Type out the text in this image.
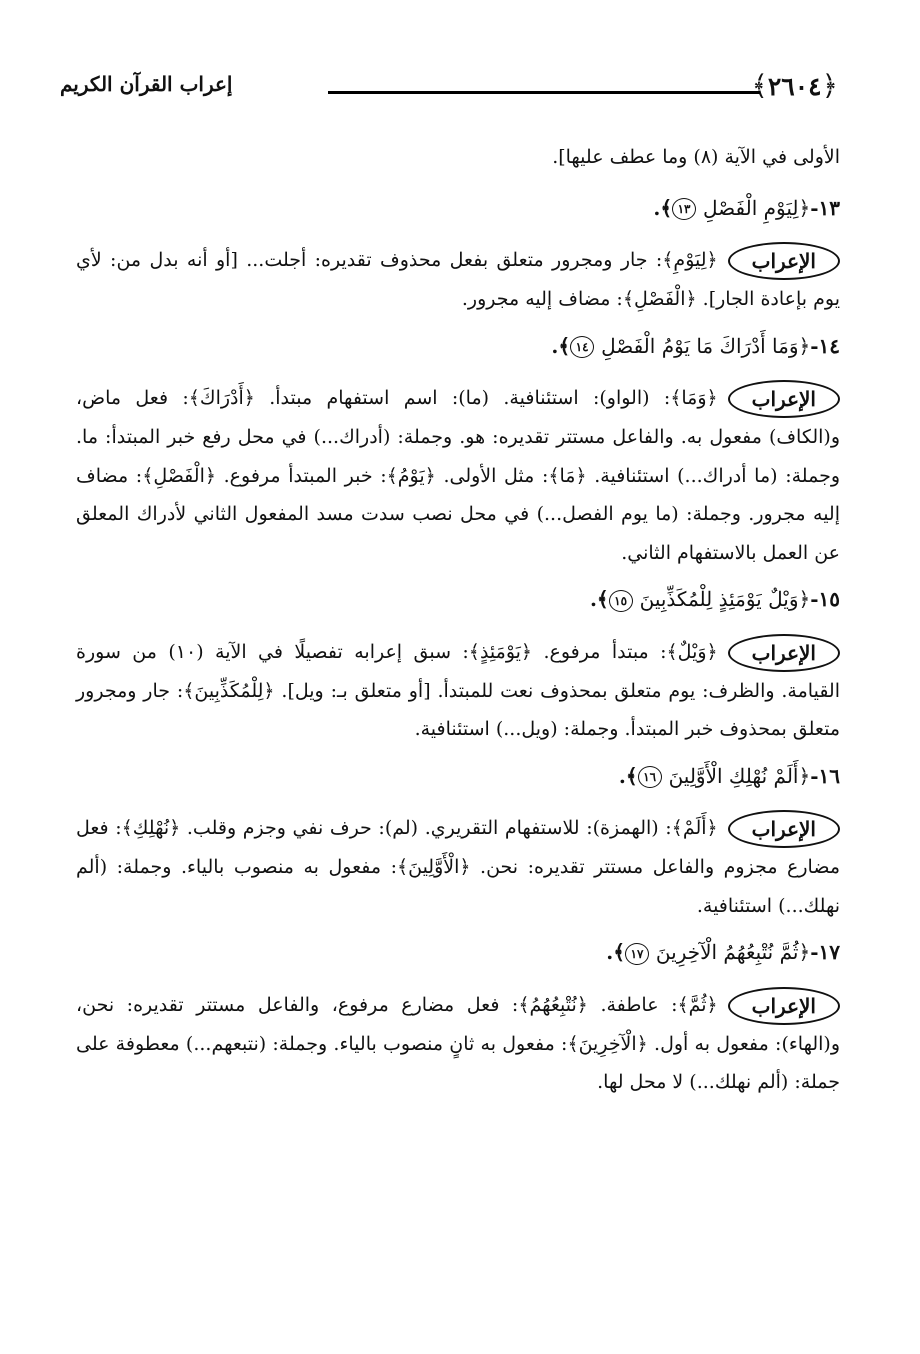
﴿٢٦٠٤﴾
إعراب القرآن الكريم

الأولى في الآية (٨) وما عطف عليها].

١٣-﴿لِيَوْمِ الْفَصْلِ ١٣﴾.

الإعراب﴿لِيَوْمِ﴾: جار ومجرور متعلق بفعل محذوف تقديره: أجلت... [أو أنه بدل من: لأي يوم بإعادة الجار]. ﴿الْفَصْلِ﴾: مضاف إليه مجرور.

١٤-﴿وَمَا أَدْرَاكَ مَا يَوْمُ الْفَصْلِ ١٤﴾.

الإعراب﴿وَمَا﴾: (الواو): استئنافية. (ما): اسم استفهام مبتدأ. ﴿أَدْرَاكَ﴾: فعل ماض، و(الكاف) مفعول به. والفاعل مستتر تقديره: هو. وجملة: (أدراك...) في محل رفع خبر المبتدأ: ما. وجملة: (ما أدراك...) استئنافية. ﴿مَا﴾: مثل الأولى. ﴿يَوْمُ﴾: خبر المبتدأ مرفوع. ﴿الْفَصْلِ﴾: مضاف إليه مجرور. وجملة: (ما يوم الفصل...) في محل نصب سدت مسد المفعول الثاني لأدراك المعلق عن العمل بالاستفهام الثاني.

١٥-﴿وَيْلٌ يَوْمَئِذٍ لِلْمُكَذِّبِينَ ١٥﴾.

الإعراب﴿وَيْلٌ﴾: مبتدأ مرفوع. ﴿يَوْمَئِذٍ﴾: سبق إعرابه تفصيلًا في الآية (١٠) من سورة القيامة. والظرف: يوم متعلق بمحذوف نعت للمبتدأ. [أو متعلق بـ: ويل]. ﴿لِلْمُكَذِّبِينَ﴾: جار ومجرور متعلق بمحذوف خبر المبتدأ. وجملة: (ويل...) استئنافية.

١٦-﴿أَلَمْ نُهْلِكِ الْأَوَّلِينَ ١٦﴾.

الإعراب﴿أَلَمْ﴾: (الهمزة): للاستفهام التقريري. (لم): حرف نفي وجزم وقلب. ﴿نُهْلِكِ﴾: فعل مضارع مجزوم والفاعل مستتر تقديره: نحن. ﴿الْأَوَّلِينَ﴾: مفعول به منصوب بالياء. وجملة: (ألم نهلك...) استئنافية.

١٧-﴿ثُمَّ نُتْبِعُهُمُ الْآخِرِينَ ١٧﴾.

الإعراب﴿ثُمَّ﴾: عاطفة. ﴿نُتْبِعُهُمُ﴾: فعل مضارع مرفوع، والفاعل مستتر تقديره: نحن، و(الهاء): مفعول به أول. ﴿الْآخِرِينَ﴾: مفعول به ثانٍ منصوب بالياء. وجملة: (نتبعهم...) معطوفة على جملة: (ألم نهلك...) لا محل لها.
